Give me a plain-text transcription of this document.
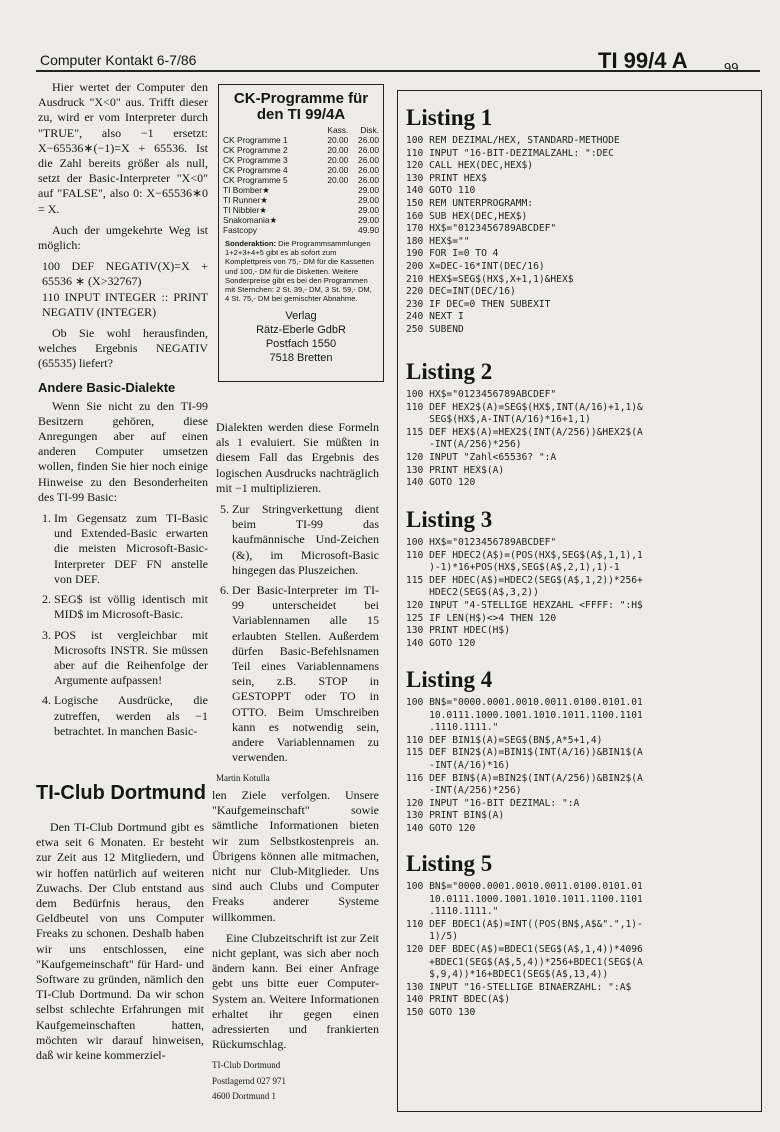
Computer Kontakt 6-7/86	TI 99/4 A	99

Hier wertet der Computer den Ausdruck "X<0" aus. Trifft dieser zu, wird er vom Interpreter durch "TRUE", also −1 ersetzt: X−65536∗(−1)=X + 65536. Ist die Zahl bereits größer als null, setzt der Basic-Interpreter "X<0" auf "FALSE", also 0: X−65536∗0 = X.

Auch der umgekehrte Weg ist möglich:

100 DEF NEGATIV(X)=X + 65536 ∗ (X>32767)
110 INPUT INTEGER :: PRINT NEGATIV (INTEGER)

Ob Sie wohl herausfinden, welches Ergebnis NEGATIV (65535) liefert?

Andere Basic-Dialekte

Wenn Sie nicht zu den TI-99 Besitzern gehören, diese Anregungen aber auf einen anderen Computer umsetzen wollen, finden Sie hier noch einige Hinweise zu den Besonderheiten des TI-99 Basic:

1. Im Gegensatz zum TI-Basic und Extended-Basic erwarten die meisten Microsoft-Basic-Interpreter DEF FN anstelle von DEF.
2. SEG$ ist völlig identisch mit MID$ im Microsoft-Basic.
3. POS ist vergleichbar mit Microsofts INSTR. Sie müssen aber auf die Reihenfolge der Argumente aufpassen!
4. Logische Ausdrücke, die zutreffen, werden als −1 betrachtet. In manchen Basic-
CK-Programme für
den TI 99/4A
	Kass.	Disk.
CK Programme 1	20.00	26.00
CK Programme 2	20.00	26.00
CK Programme 3	20.00	26.00
CK Programme 4	20.00	26.00
CK Programme 5	20.00	26.00
TI Bomber★		29.00
TI Runner★		29.00
TI Nibbler★		29.00
Snakomania★		29.00
Fastcopy		49.90
Sonderaktion: Die Programmsammlungen 1+2+3+4+5 gibt es ab sofort zum Komplettpreis von 75,- DM für die Kassetten und 100,- DM für die Disketten. Weitere Sonderpreise gibt es bei den Programmen mit Sternchen: 2 St. 39,- DM, 3 St. 59,- DM, 4 St. 75,- DM bei gemischter Abnahme.
Verlag
Rätz-Eberle GdbR
Postfach 1550
7518 Bretten

Dialekten werden diese Formeln als 1 evaluiert. Sie müßten in diesem Fall das Ergebnis des logischen Ausdrucks nachträglich mit −1 multiplizieren.

5. Zur Stringverkettung dient beim TI-99 das kaufmännische Und-Zeichen (&), im Microsoft-Basic hingegen das Pluszeichen.
6. Der Basic-Interpreter im TI-99 unterscheidet bei Variablennamen alle 15 erlaubten Stellen. Außerdem dürfen Basic-Befehlsnamen Teil eines Variablennamens sein, z.B. STOP in GESTOPPT oder TO in OTTO. Beim Umschreiben kann es notwendig sein, andere Variablennamen zu verwenden.
Martin Kotulla
TI-Club Dortmund

Den TI-Club Dortmund gibt es etwa seit 6 Monaten. Er besteht zur Zeit aus 12 Mitgliedern, und wir hoffen natürlich auf weiteren Zuwachs. Der Club entstand aus dem Bedürfnis heraus, den Geldbeutel von uns Computer Freaks zu schonen. Deshalb haben wir uns entschlossen, eine "Kaufgemeinschaft" für Hard- und Software zu gründen, nämlich den TI-Club Dortmund. Da wir schon selbst schlechte Erfahrungen mit Kaufgemeinschaften hatten, möchten wir darauf hinweisen, daß wir keine kommerziel-

len Ziele verfolgen. Unsere "Kaufgemeinschaft" sowie sämtliche Informationen bieten wir zum Selbstkostenpreis an. Übrigens können alle mitmachen, nicht nur Club-Mitglieder. Uns sind auch Clubs und Computer Freaks anderer Systeme willkommen.

Eine Clubzeitschrift ist zur Zeit nicht geplant, was sich aber noch ändern kann. Bei einer Anfrage gebt uns bitte euer Computer-System an. Weitere Informationen erhaltet ihr gegen einen adressierten und frankierten Rückumschlag.

TI-Club Dortmund
Postlagernd 027 971
4600 Dortmund 1
Listing 1
100 REM DEZIMAL/HEX, STANDARD-METHODE
110 INPUT "16-BIT-DEZIMALZAHL: ":DEC
120 CALL HEX(DEC,HEX$)
130 PRINT HEX$
140 GOTO 110
150 REM UNTERPROGRAMM:
160 SUB HEX(DEC,HEX$)
170 HX$="0123456789ABCDEF"
180 HEX$=""
190 FOR I=0 TO 4
200 X=DEC-16*INT(DEC/16)
210 HEX$=SEG$(HX$,X+1,1)&HEX$
220 DEC=INT(DEC/16)
230 IF DEC=0 THEN SUBEXIT
240 NEXT I
250 SUBEND
Listing 2
100 HX$="0123456789ABCDEF"
110 DEF HEX2$(A)=SEG$(HX$,INT(A/16)+1,1)&
SEG$(HX$,A-INT(A/16)*16+1,1)
115 DEF HEX$(A)=HEX2$(INT(A/256))&HEX2$(A
-INT(A/256)*256)
120 INPUT "Zahl<65536? ":A
130 PRINT HEX$(A)
140 GOTO 120
Listing 3
100 HX$="0123456789ABCDEF"
110 DEF HDEC2(A$)=(POS(HX$,SEG$(A$,1,1),1
)-1)*16+POS(HX$,SEG$(A$,2,1),1)-1
115 DEF HDEC(A$)=HDEC2(SEG$(A$,1,2))*256+
HDEC2(SEG$(A$,3,2))
120 INPUT "4-STELLIGE HEXZAHL <FFFF: ":H$
125 IF LEN(H$)<>4 THEN 120
130 PRINT HDEC(H$)
140 GOTO 120
Listing 4
100 BN$="0000.0001.0010.0011.0100.0101.01
10.0111.1000.1001.1010.1011.1100.1101
.1110.1111."
110 DEF BIN1$(A)=SEG$(BN$,A*5+1,4)
115 DEF BIN2$(A)=BIN1$(INT(A/16))&BIN1$(A
-INT(A/16)*16)
116 DEF BIN$(A)=BIN2$(INT(A/256))&BIN2$(A
-INT(A/256)*256)
120 INPUT "16-BIT DEZIMAL: ":A
130 PRINT BIN$(A)
140 GOTO 120
Listing 5
100 BN$="0000.0001.0010.0011.0100.0101.01
10.0111.1000.1001.1010.1011.1100.1101
.1110.1111."
110 DEF BDEC1(A$)=INT((POS(BN$,A$&".",1)-
1)/5)
120 DEF BDEC(A$)=BDEC1(SEG$(A$,1,4))*4096
+BDEC1(SEG$(A$,5,4))*256+BDEC1(SEG$(A
$,9,4))*16+BDEC1(SEG$(A$,13,4))
130 INPUT "16-STELLIGE BINAERZAHL: ":A$
140 PRINT BDEC(A$)
150 GOTO 130
